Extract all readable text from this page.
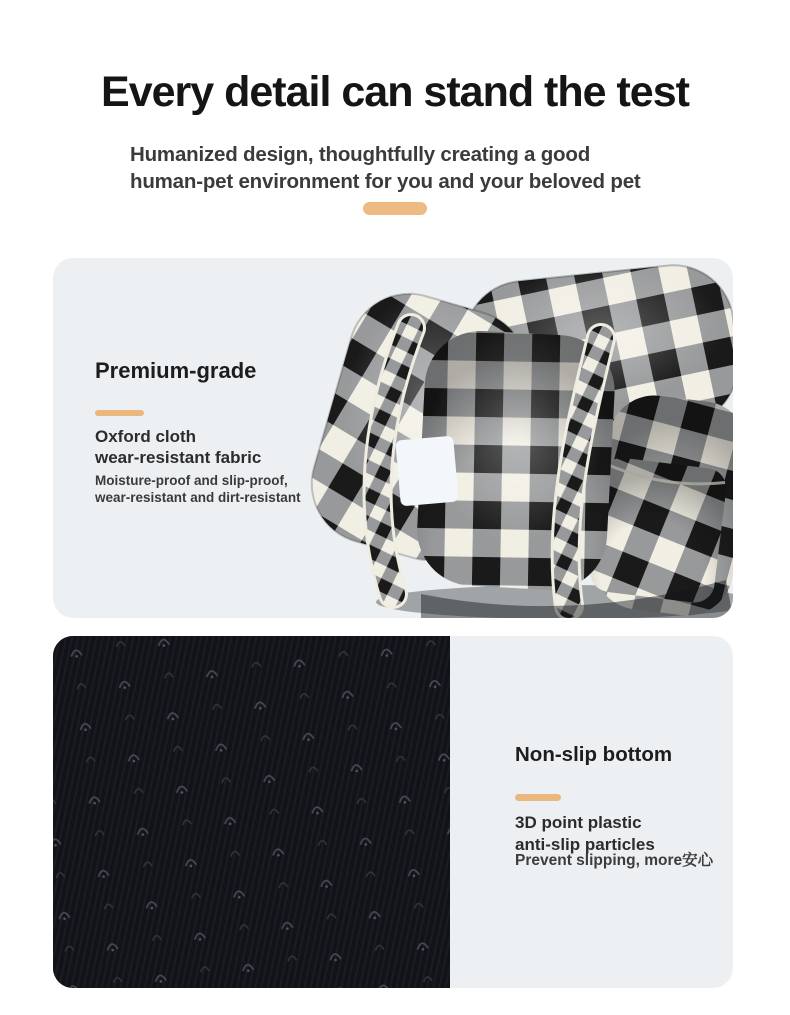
Every detail can stand the test

Humanized design, thoughtfully creating a good
human-pet environment for you and your beloved pet

Premium-grade

Oxford cloth
wear-resistant fabric

Moisture-proof and slip-proof,
wear-resistant and dirt-resistant

Non-slip bottom

3D point plastic
anti-slip particles

Prevent slipping, more安心
